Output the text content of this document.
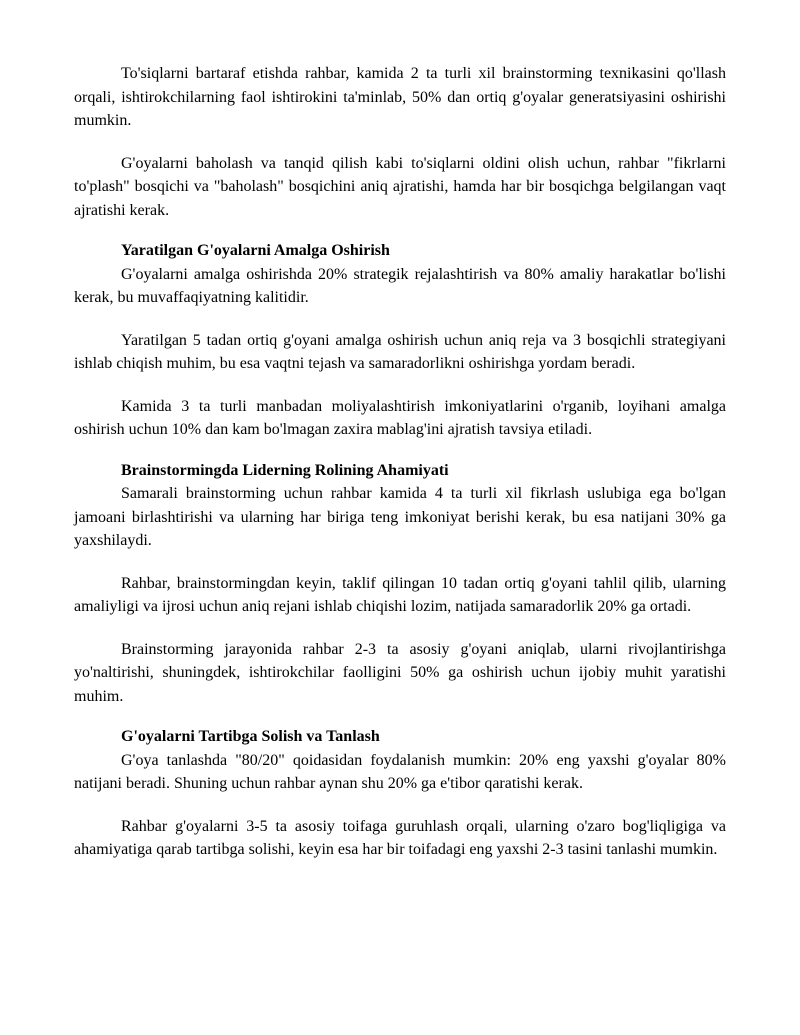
To'siqlarni bartaraf etishda rahbar, kamida 2 ta turli xil brainstorming texnikasini qo'llash orqali, ishtirokchilarning faol ishtirokini ta'minlab, 50% dan ortiq g'oyalar generatsiyasini oshirishi mumkin.

G'oyalarni baholash va tanqid qilish kabi to'siqlarni oldini olish uchun, rahbar "fikrlarni to'plash" bosqichi va "baholash" bosqichini aniq ajratishi, hamda har bir bosqichga belgilangan vaqt ajratishi kerak.

Yaratilgan G'oyalarni Amalga Oshirish

G'oyalarni amalga oshirishda 20% strategik rejalashtirish va 80% amaliy harakatlar bo'lishi kerak, bu muvaffaqiyatning kalitidir.

Yaratilgan 5 tadan ortiq g'oyani amalga oshirish uchun aniq reja va 3 bosqichli strategiyani ishlab chiqish muhim, bu esa vaqtni tejash va samaradorlikni oshirishga yordam beradi.

Kamida 3 ta turli manbadan moliyalashtirish imkoniyatlarini o'rganib, loyihani amalga oshirish uchun 10% dan kam bo'lmagan zaxira mablag'ini ajratish tavsiya etiladi.

Brainstormingda Liderning Rolining Ahamiyati

Samarali brainstorming uchun rahbar kamida 4 ta turli xil fikrlash uslubiga ega bo'lgan jamoani birlashtirishi va ularning har biriga teng imkoniyat berishi kerak, bu esa natijani 30% ga yaxshilaydi.

Rahbar, brainstormingdan keyin, taklif qilingan 10 tadan ortiq g'oyani tahlil qilib, ularning amaliyligi va ijrosi uchun aniq rejani ishlab chiqishi lozim, natijada samaradorlik 20% ga ortadi.

Brainstorming jarayonida rahbar 2-3 ta asosiy g'oyani aniqlab, ularni rivojlantirishga yo'naltirishi, shuningdek, ishtirokchilar faolligini 50% ga oshirish uchun ijobiy muhit yaratishi muhim.

G'oyalarni Tartibga Solish va Tanlash

G'oya tanlashda "80/20" qoidasidan foydalanish mumkin: 20% eng yaxshi g'oyalar 80% natijani beradi. Shuning uchun rahbar aynan shu 20% ga e'tibor qaratishi kerak.

Rahbar g'oyalarni 3-5 ta asosiy toifaga guruhlash orqali, ularning o'zaro bog'liqligiga va ahamiyatiga qarab tartibga solishi, keyin esa har bir toifadagi eng yaxshi 2-3 tasini tanlashi mumkin.
